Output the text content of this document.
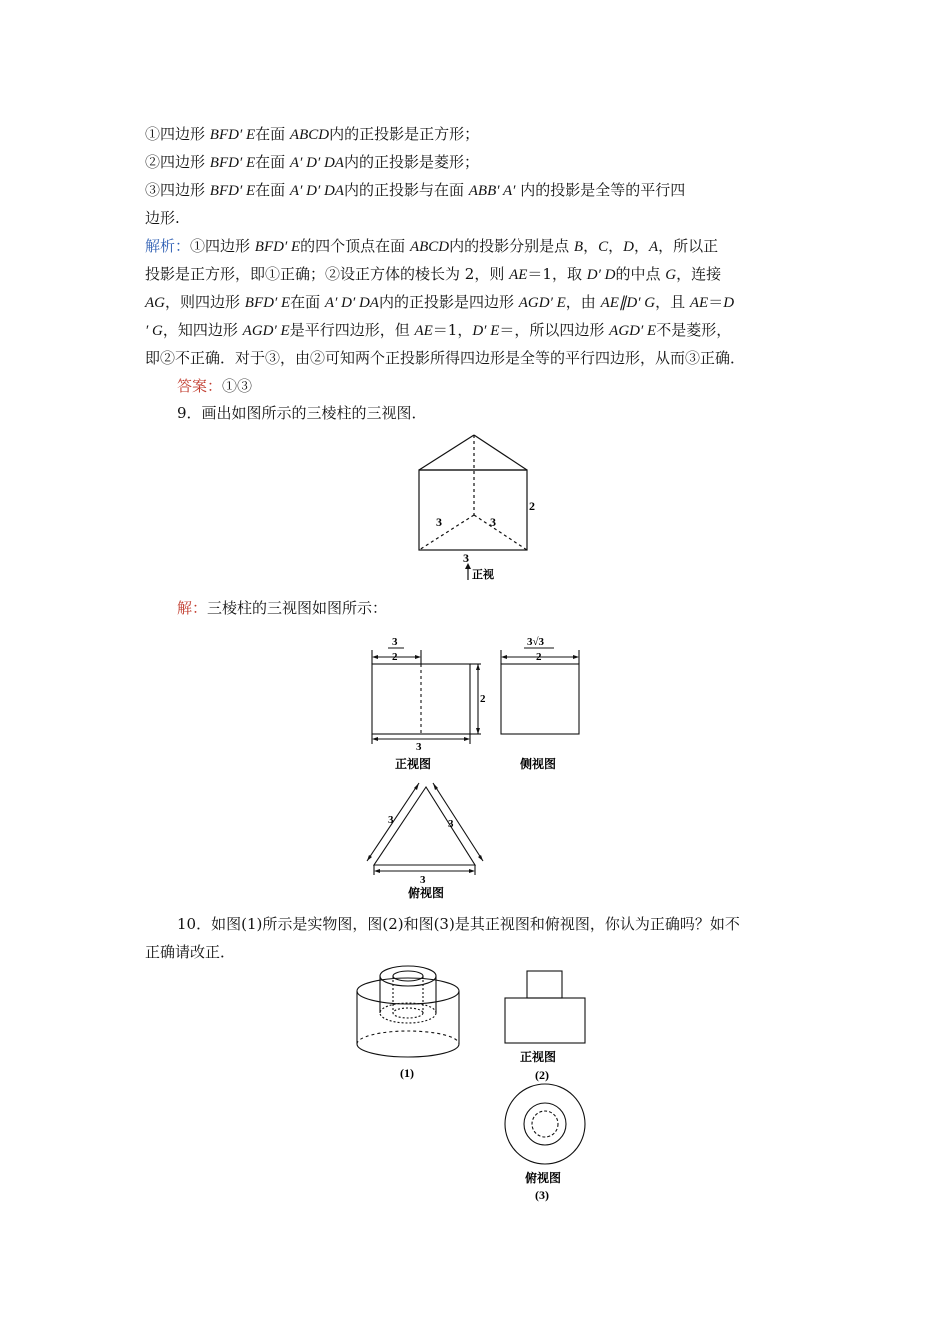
①四边形 BFD′ E在面 ABCD内的正投影是正方形；
②四边形 BFD′ E在面 A′ D′ DA内的正投影是菱形；
③四边形 BFD′ E在面 A′ D′ DA内的正投影与在面 ABB′ A′ 内的投影是全等的平行四
边形.
解析：①四边形 BFD′ E的四个顶点在面 ABCD内的投影分别是点 B，C，D，A，所以正
投影是正方形，即①正确；②设正方体的棱长为 2，则 AE＝1，取 D′ D的中点 G，连接
AG，则四边形 BFD′ E在面 A′ D′ DA内的正投影是四边形 AGD′ E，由 AE∥D′ G，且 AE＝D
′ G，知四边形 AGD′ E是平行四边形，但 AE＝1，D′ E＝，所以四边形 AGD′ E不是菱形，
即②不正确．对于③，由②可知两个正投影所得四边形是全等的平行四边形，从而③正确．
答案：①③
9．画出如图所示的三棱柱的三视图．
3	3
2
3
正视
解：三棱柱的三视图如图所示：
3
2
2
3
正视图
3√3
2
侧视图
3	3
3
俯视图
10．如图(1)所示是实物图，图(2)和图(3)是其正视图和俯视图，你认为正确吗？如不
正确请改正．
(1)
正视图
(2)
俯视图
(3)
